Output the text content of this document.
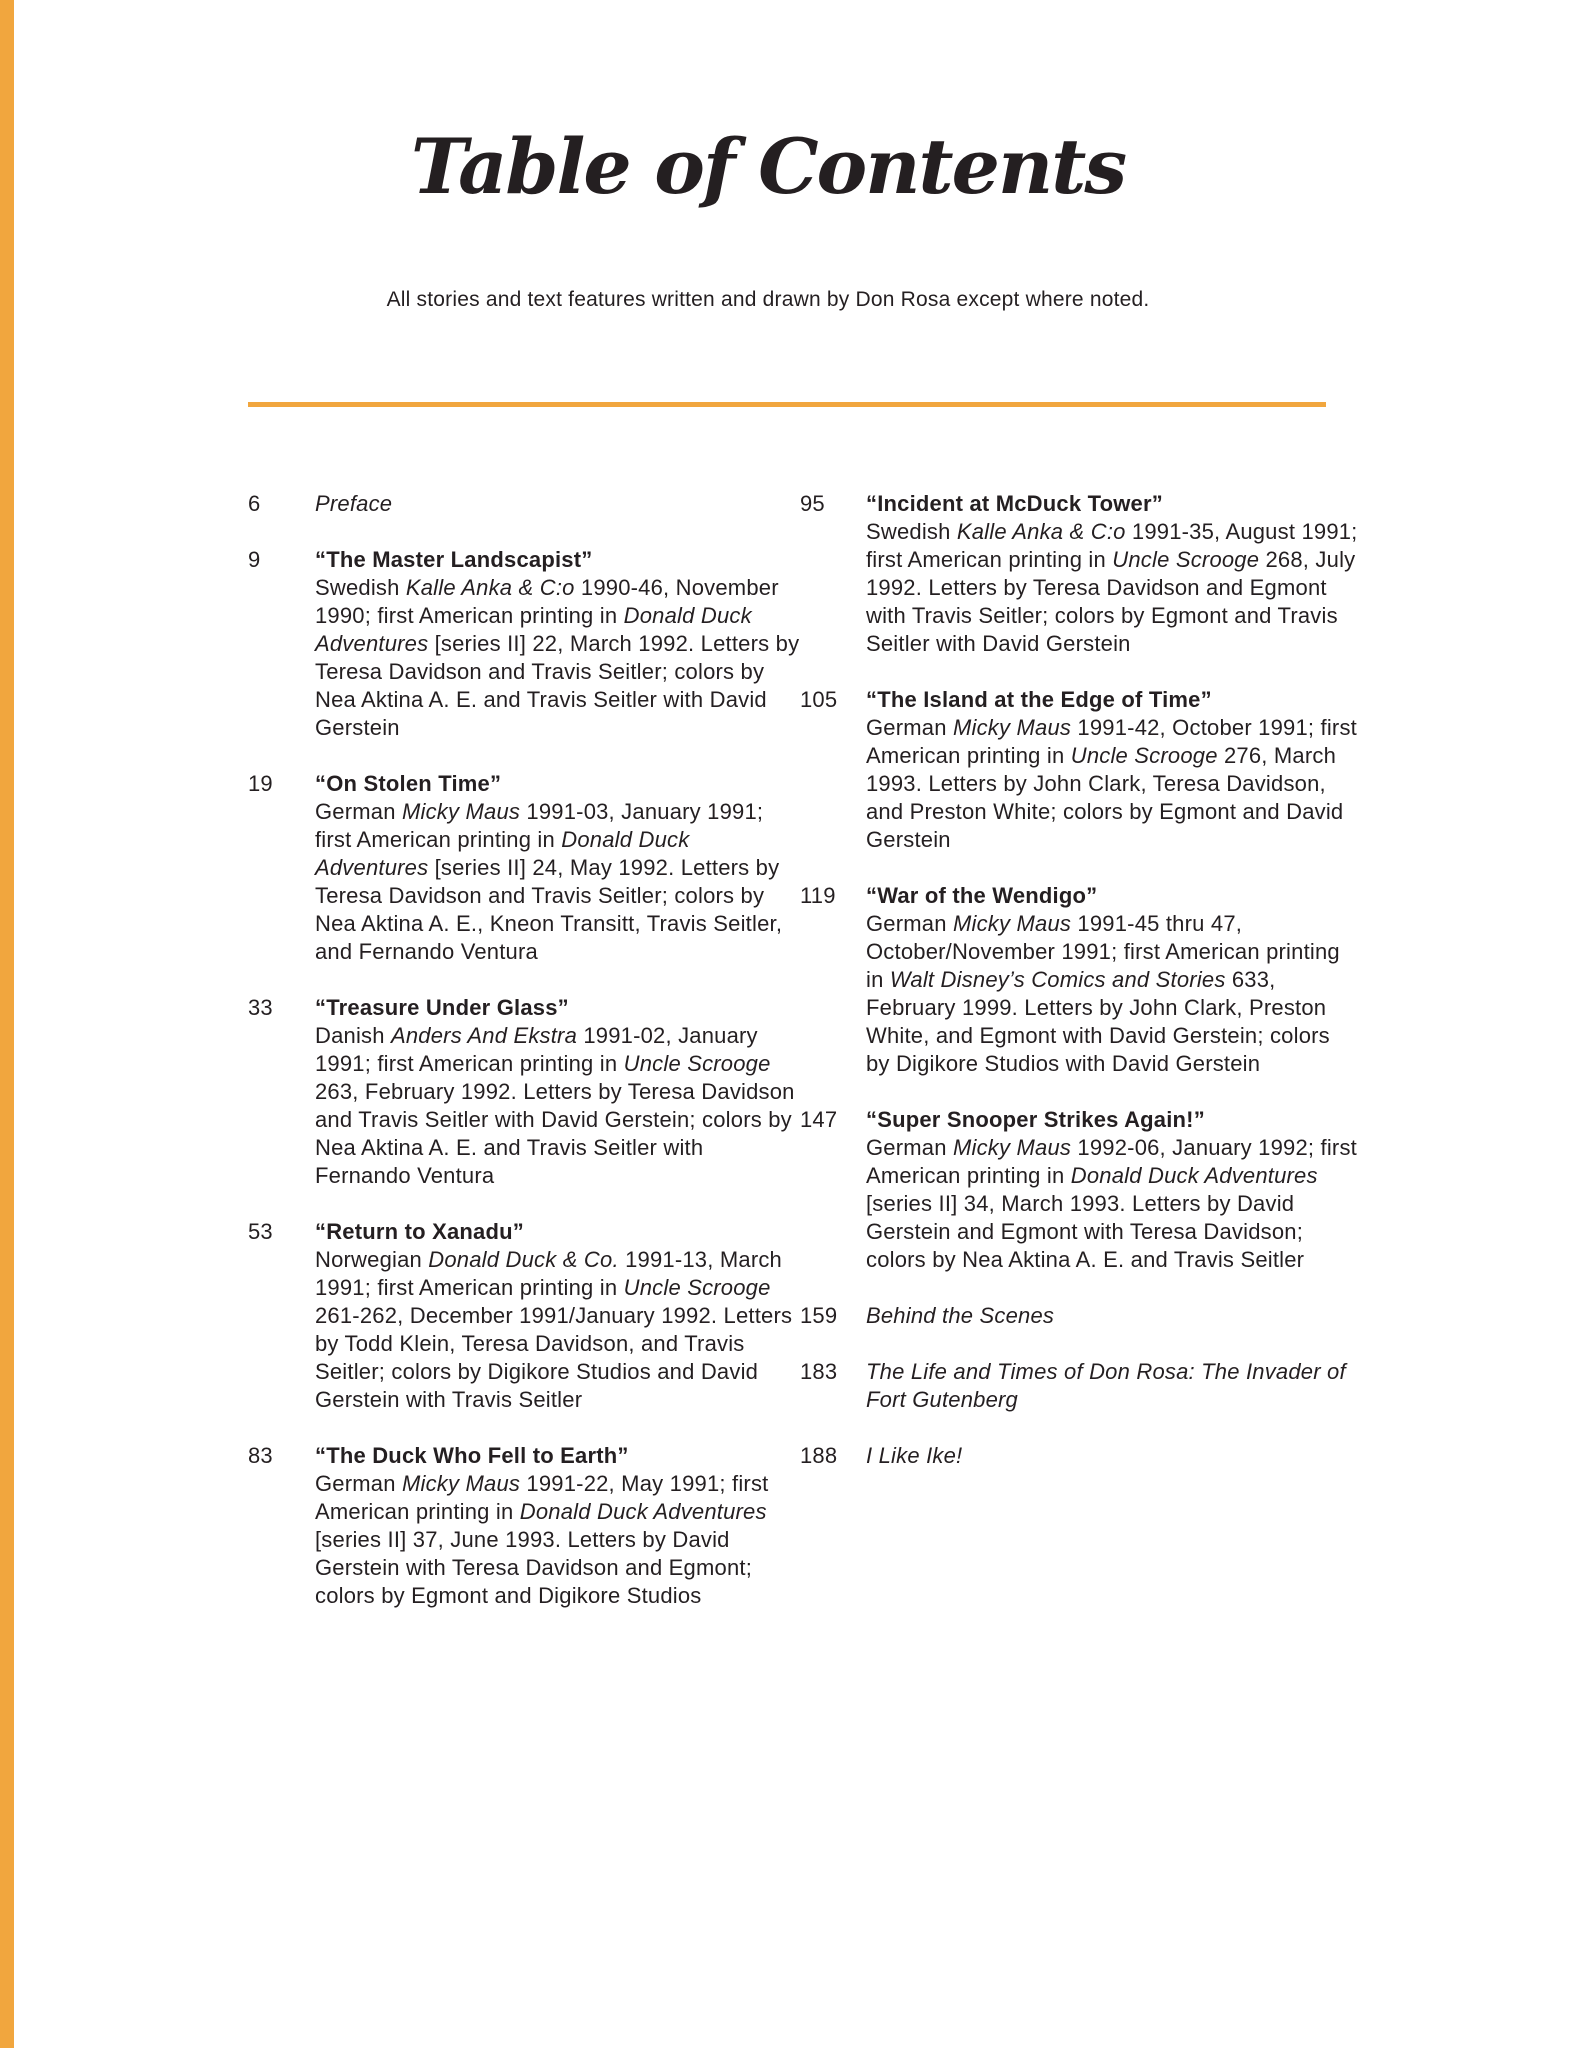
Table of Contents

All stories and text features written and drawn by Don Rosa except where noted.

6	Preface
9	“The Master Landscapist”
Swedish Kalle Anka & C:o 1990-46, November 1990; first American printing in Donald Duck Adventures [series II] 22, March 1992. Letters by Teresa Davidson and Travis Seitler; colors by Nea Aktina A. E. and Travis Seitler with David Gerstein
19	“On Stolen Time”
German Micky Maus 1991-03, January 1991; first American printing in Donald Duck Adventures [series II] 24, May 1992. Letters by Teresa Davidson and Travis Seitler; colors by Nea Aktina A. E., Kneon Transitt, Travis Seitler, and Fernando Ventura
33	“Treasure Under Glass”
Danish Anders And Ekstra 1991-02, January 1991; first American printing in Uncle Scrooge 263, February 1992. Letters by Teresa Davidson and Travis Seitler with David Gerstein; colors by Nea Aktina A. E. and Travis Seitler with Fernando Ventura
53	“Return to Xanadu”
Norwegian Donald Duck & Co. 1991-13, March 1991; first American printing in Uncle Scrooge 261-262, December 1991/January 1992. Letters by Todd Klein, Teresa Davidson, and Travis Seitler; colors by Digikore Studios and David Gerstein with Travis Seitler
83	“The Duck Who Fell to Earth”
German Micky Maus 1991-22, May 1991; first American printing in Donald Duck Adventures [series II] 37, June 1993. Letters by David Gerstein with Teresa Davidson and Egmont; colors by Egmont and Digikore Studios
95	“Incident at McDuck Tower”
Swedish Kalle Anka & C:o 1991-35, August 1991; first American printing in Uncle Scrooge 268, July 1992. Letters by Teresa Davidson and Egmont with Travis Seitler; colors by Egmont and Travis Seitler with David Gerstein
105	“The Island at the Edge of Time”
German Micky Maus 1991-42, October 1991; first American printing in Uncle Scrooge 276, March 1993. Letters by John Clark, Teresa Davidson, and Preston White; colors by Egmont and David Gerstein
119	“War of the Wendigo”
German Micky Maus 1991-45 thru 47, October/November 1991; first American printing in Walt Disney’s Comics and Stories 633, February 1999. Letters by John Clark, Preston White, and Egmont with David Gerstein; colors by Digikore Studios with David Gerstein
147	“Super Snooper Strikes Again!”
German Micky Maus 1992-06, January 1992; first American printing in Donald Duck Adventures [series II] 34, March 1993. Letters by David Gerstein and Egmont with Teresa Davidson; colors by Nea Aktina A. E. and Travis Seitler
159	Behind the Scenes
183	The Life and Times of Don Rosa: The Invader of Fort Gutenberg
188	I Like Ike!
